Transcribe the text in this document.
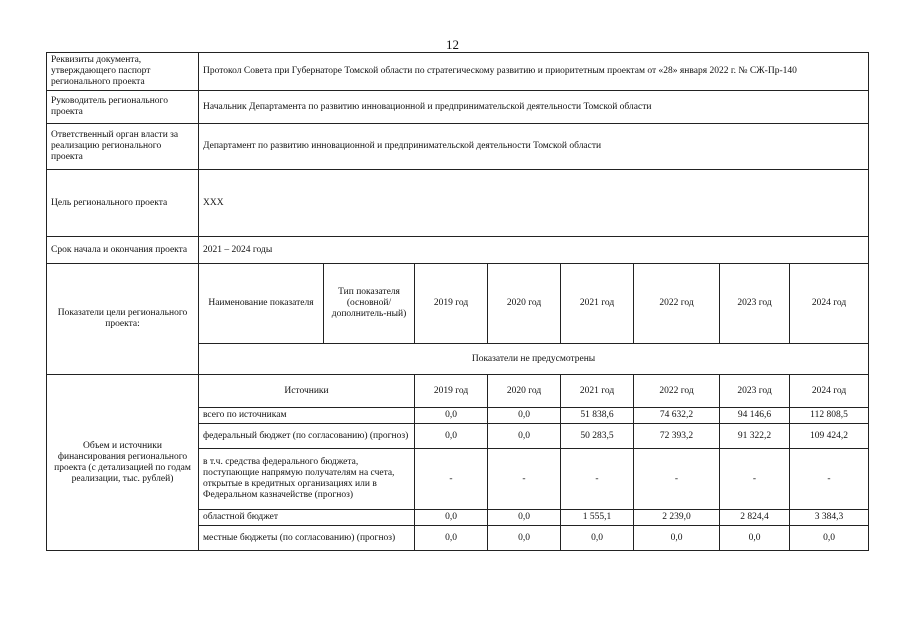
12
Реквизиты документа, утверждающего паспорт регионального проекта	Протокол Совета при Губернаторе Томской области по стратегическому развитию и приоритетным проектам от «28» января 2022 г. № СЖ-Пр-140							
Руководитель регионального проекта	Начальник Департамента по развитию инновационной и предпринимательской деятельности Томской области							
Ответственный орган власти за реализацию регионального проекта	Департамент по развитию инновационной и предпринимательской деятельности Томской области							
Цель регионального проекта	ХХХ							
Срок начала и окончания проекта	2021 – 2024 годы							
Показатели цели регионального проекта:	Наименование показателя	Тип показателя (основной/ дополнитель-ный)	2019 год	2020 год	2021 год	2022 год	2023 год	2024 год
	Показатели не предусмотрены							
Объем и источники финансирования регионального проекта (с детализацией по годам реализации, тыс. рублей)	Источники		2019 год	2020 год	2021 год	2022 год	2023 год	2024 год
	всего по источникам		0,0	0,0	51 838,6	74 632,2	94 146,6	112 808,5
	федеральный бюджет (по согласованию) (прогноз)		0,0	0,0	50 283,5	72 393,2	91 322,2	109 424,2
	в т.ч. средства федерального бюджета, поступающие напрямую получателям на счета, открытые в кредитных организациях или в Федеральном казначействе (прогноз)		-	-	-	-	-	-
	областной бюджет		0,0	0,0	1 555,1	2 239,0	2 824,4	3 384,3
	местные бюджеты (по согласованию) (прогноз)		0,0	0,0	0,0	0,0	0,0	0,0
